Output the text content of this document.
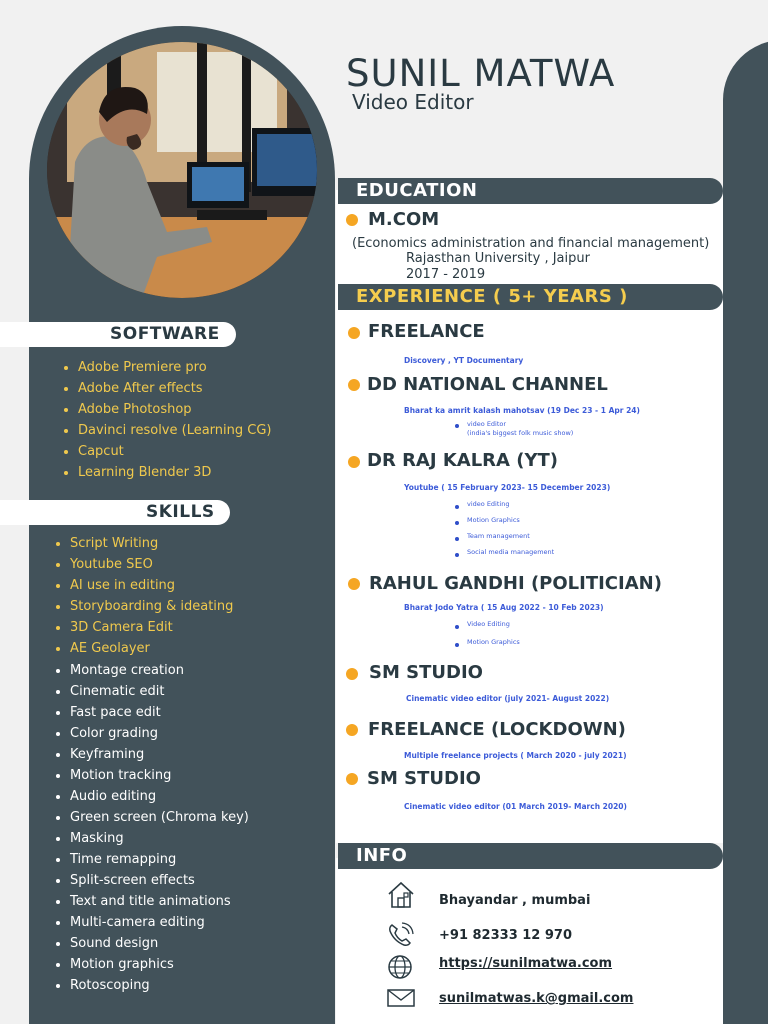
SUNIL MATWA
Video Editor
EDUCATION
M.COM
(Economics administration and financial management)
Rajasthan University , Jaipur
2017 - 2019
EXPERIENCE ( 5+ YEARS )
FREELANCE
Discovery , YT Documentary
DD NATIONAL CHANNEL
Bharat ka amrit kalash mahotsav (19 Dec 23 - 1 Apr 24)
video Editor
(india's biggest folk music show)
DR RAJ KALRA (YT)
Youtube ( 15 February 2023- 15 December 2023)
video Editing
Motion Graphics
Team management
Social media management
RAHUL GANDHI (POLITICIAN)
Bharat Jodo Yatra ( 15 Aug 2022 - 10 Feb 2023)
Video Editing
Motion Graphics
SM STUDIO
Cinematic video editor (july 2021- August 2022)
FREELANCE (LOCKDOWN)
Multiple freelance projects ( March 2020 - july 2021)
SM STUDIO
Cinematic video editor (01 March 2019- March 2020)
SOFTWARE
Adobe Premiere pro
Adobe After effects
Adobe Photoshop
Davinci resolve (Learning CG)
Capcut
Learning Blender 3D
SKILLS
Script Writing
Youtube SEO
AI use in editing
Storyboarding & ideating
3D Camera Edit
AE Geolayer
Montage creation
Cinematic edit
Fast pace edit
Color grading
Keyframing
Motion tracking
Audio editing
Green screen (Chroma key)
Masking
Time remapping
Split-screen effects
Text and title animations
Multi-camera editing
Sound design
Motion graphics
Rotoscoping
INFO
Bhayandar , mumbai
+91 82333 12 970
https://sunilmatwa.com
sunilmatwas.k@gmail.com
